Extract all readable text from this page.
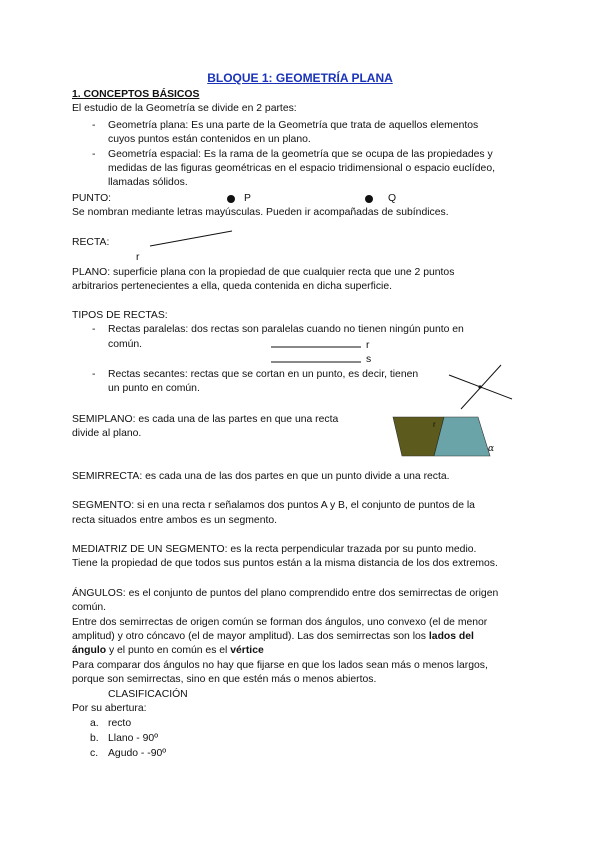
BLOQUE 1: GEOMETRÍA PLANA
1. CONCEPTOS BÁSICOS
El estudio de la Geometría se divide en 2 partes:
- Geometría plana: Es una parte de la Geometría que trata de aquellos elementos
cuyos puntos están contenidos en un plano.
- Geometría espacial: Es la rama de la geometría que se ocupa de las propiedades y
medidas de las figuras geométricas en el espacio tridimensional o espacio euclídeo,
llamadas sólidos.
PUNTO:	P	Q
Se nombran mediante letras mayúsculas. Pueden ir acompañadas de subíndices.
RECTA:
r
PLANO: superficie plana con la propiedad de que cualquier recta que une 2 puntos
arbitrarios pertenecientes a ella, queda contenida en dicha superficie.
TIPOS DE RECTAS:
- Rectas paralelas: dos rectas son paralelas cuando no tienen ningún punto en
común.	r
s
- Rectas secantes: rectas que se cortan en un punto, es decir, tienen
un punto en común.
SEMIPLANO: es cada una de las partes en que una recta
divide al plano.
r
α
SEMIRRECTA: es cada una de las dos partes en que un punto divide a una recta.
SEGMENTO: si en una recta r señalamos dos puntos A y B, el conjunto de puntos de la
recta situados entre ambos es un segmento.
MEDIATRIZ DE UN SEGMENTO: es la recta perpendicular trazada por su punto medio.
Tiene la propiedad de que todos sus puntos están a la misma distancia de los dos extremos.
ÁNGULOS: es el conjunto de puntos del plano comprendido entre dos semirrectas de origen
común.
Entre dos semirrectas de origen común se forman dos ángulos, uno convexo (el de menor
amplitud) y otro cóncavo (el de mayor amplitud). Las dos semirrectas son los lados del
ángulo y el punto en común es el vértice
Para comparar dos ángulos no hay que fijarse en que los lados sean más o menos largos,
porque son semirrectas, sino en que estén más o menos abiertos.
CLASIFICACIÓN
Por su abertura:
a. recto
b. Llano - 90º
c. Agudo - -90º
